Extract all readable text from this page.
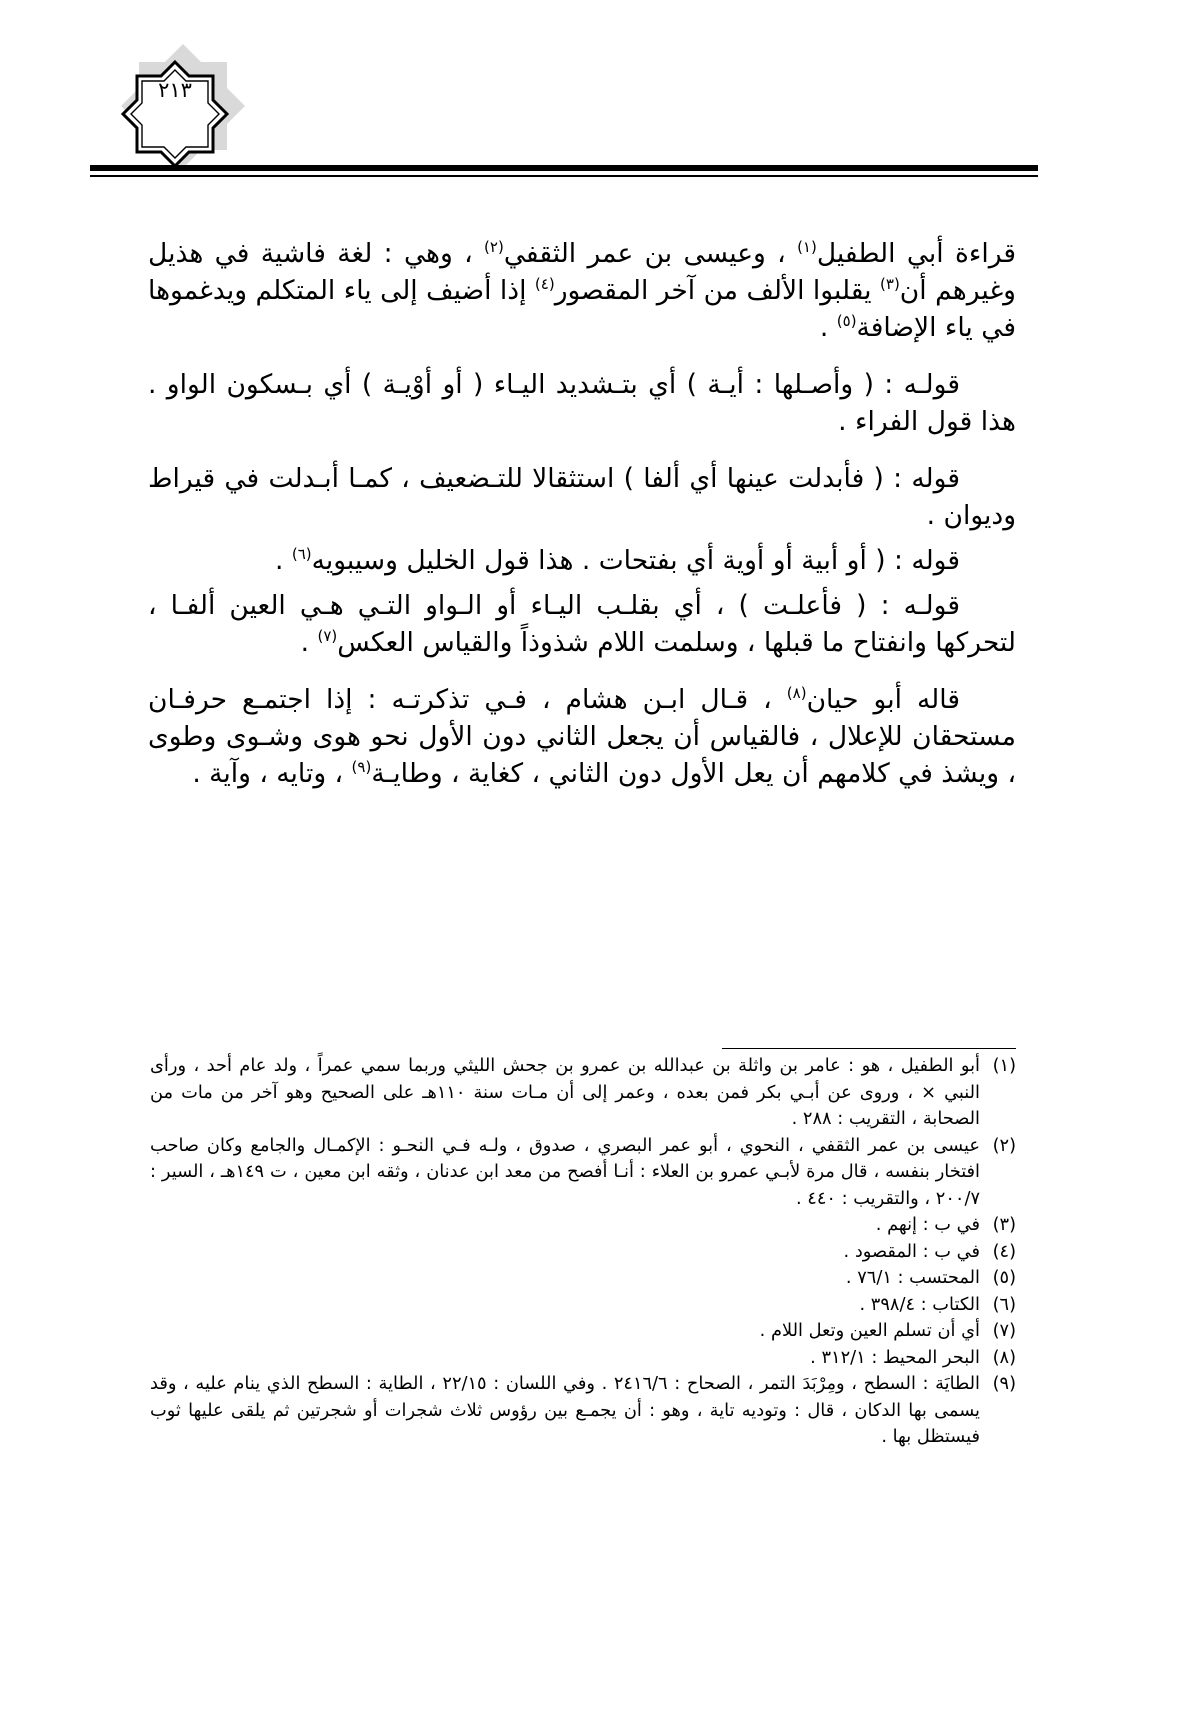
٢١٣

قراءة أبي الطفيل$^{(١)}$ ، وعيسى بن عمر الثقفي$^{(٢)}$ ، وهي : لغة فاشية في هذيل وغيرهم أن$^{(٣)}$ يقلبوا الألف من آخر المقصور$^{(٤)}$ إذا أضيف إلى ياء المتكلم ويدغموها في ياء الإضافة$^{(٥)}$ .

قولـه : ( وأصـلها : أيـة ) أي بتـشديد اليـاء ( أو أوْيـة ) أي بـسكون الواو . هذا قول الفراء .

قوله : ( فأبدلت عينها أي ألفا ) استثقالا للتـضعيف ، كمـا أبـدلت في قيراط وديوان .

قوله : ( أو أبية أو أوية أي بفتحات . هذا قول الخليل وسيبويه$^{(٦)}$ .

قولـه : ( فأعلـت ) ، أي بقلـب اليـاء أو الـواو التـي هـي العين ألفـا ، لتحركها وانفتاح ما قبلها ، وسلمت اللام شذوذاً والقياس العكس$^{(٧)}$ .

قاله أبو حيان$^{(٨)}$ ، قـال ابـن هشام ، فـي تذكرتـه : إذا اجتمـع حرفـان مستحقان للإعلال ، فالقياس أن يجعل الثاني دون الأول نحو هوى وشـوى وطوى ، ويشذ في كلامهم أن يعل الأول دون الثاني ، كغاية ، وطايـة$^{(٩)}$ ، وتايه ، وآية .

(١)أبو الطفيل ، هو : عامر بن واثلة بن عبدالله بن عمرو بن جحش الليثي وربما سمي عمراً ، ولد عام أحد ، ورأى النبي × ، وروى عن أبـي بكر فمن بعده ، وعمر إلى أن مـات سنة ١١٠هـ على الصحيح وهو آخر من مات من الصحابة ، التقريب : ٢٨٨ .

(٢)عيسى بن عمر الثقفي ، النحوي ، أبو عمر البصري ، صدوق ، ولـه فـي النحـو : الإكمـال والجامع وكان صاحب افتخار بنفسه ، قال مرة لأبـي عمرو بن العلاء : أنـا أفصح من معد ابن عدنان ، وثقه ابن معين ، ت ١٤٩هـ ، السير : ٢٠٠/٧ ، والتقريب : ٤٤٠ .

(٣)في ب : إنهم .

(٤)في ب : المقصود .

(٥)المحتسب : ٧٦/١ .

(٦)الكتاب : ٣٩٨/٤ .

(٧)أي أن تسلم العين وتعل اللام .

(٨)البحر المحيط : ٣١٢/١ .

(٩)الطايَة : السطح ، ومِرْبَدَ التمر ، الصحاح : ٢٤١٦/٦ . وفي اللسان : ٢٢/١٥ ، الطاية : السطح الذي ينام عليه ، وقد يسمى بها الدكان ، قال : وتوديه تاية ، وهو : أن يجمـع بين رؤوس ثلاث شجرات أو شجرتين ثم يلقى عليها ثوب فيستظل بها .
